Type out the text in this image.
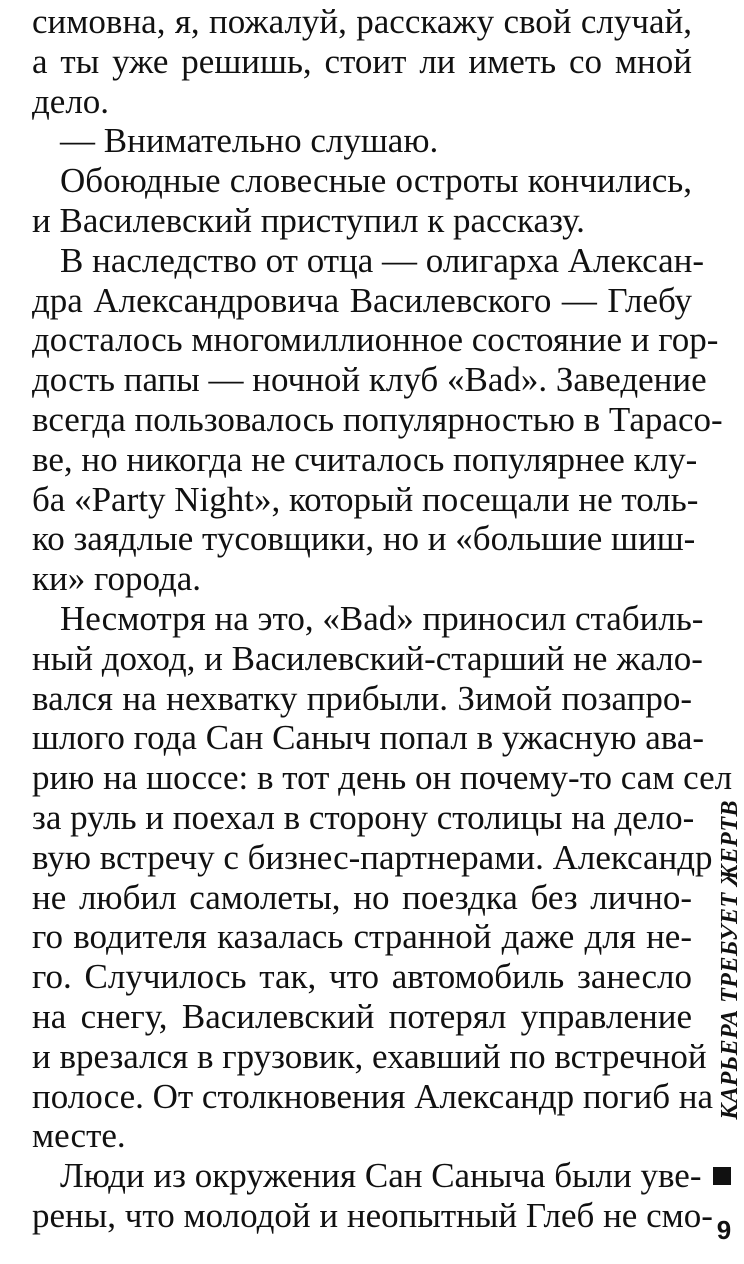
симовна, я, пожалуй, расскажу свой случай,
а ты уже решишь, стоит ли иметь со мной
дело.
— Внимательно слушаю.
Обоюдные словесные остроты кончились,
и Василевский приступил к рассказу.
В наследство от отца — олигарха Алексан-
дра Александровича Василевского — Глебу
досталось многомиллионное состояние и гор-
дость папы — ночной клуб «Bad». Заведение
всегда пользовалось популярностью в Тарасо-
ве, но никогда не считалось популярнее клу-
ба «Party Night», который посещали не толь-
ко заядлые тусовщики, но и «большие шиш-
ки» города.
Несмотря на это, «Bad» приносил стабиль-
ный доход, и Василевский-старший не жало-
вался на нехватку прибыли. Зимой позапро-
шлого года Сан Саныч попал в ужасную ава-
рию на шоссе: в тот день он почему-то сам сел
за руль и поехал в сторону столицы на дело-
вую встречу с бизнес-партнерами. Александр
не любил самолеты, но поездка без лично-
го водителя казалась странной даже для не-
го. Случилось так, что автомобиль занесло
на снегу, Василевский потерял управление
и врезался в грузовик, ехавший по встречной
полосе. От столкновения Александр погиб на
месте.
Люди из окружения Сан Саныча были уве-
рены, что молодой и неопытный Глеб не смо-
КАРЬЕРА ТРЕБУЕТ ЖЕРТВ
9
